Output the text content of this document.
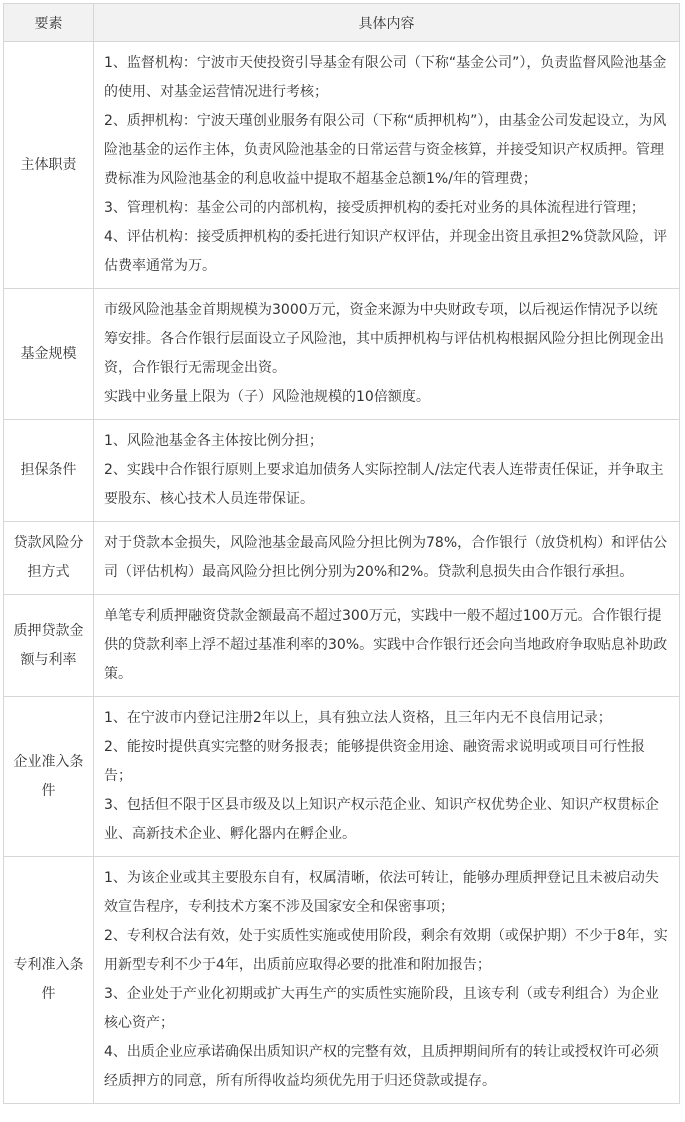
要素	具体内容
主体职责	1、监督机构：宁波市天使投资引导基金有限公司（下称“基金公司”），负责监督风险池基金的使用、对基金运营情况进行考核；
2、质押机构：宁波天瑾创业服务有限公司（下称“质押机构”），由基金公司发起设立，为风险池基金的运作主体，负责风险池基金的日常运营与资金核算，并接受知识产权质押。管理费标准为风险池基金的利息收益中提取不超基金总额1%/年的管理费；
3、管理机构：基金公司的内部机构，接受质押机构的委托对业务的具体流程进行管理；
4、评估机构：接受质押机构的委托进行知识产权评估，并现金出资且承担2%贷款风险，评估费率通常为万。

基金规模	市级风险池基金首期规模为3000万元，资金来源为中央财政专项，以后视运作情况予以统筹安排。各合作银行层面设立子风险池，其中质押机构与评估机构根据风险分担比例现金出资，合作银行无需现金出资。
实践中业务量上限为（子）风险池规模的10倍额度。

担保条件	1、风险池基金各主体按比例分担；
2、实践中合作银行原则上要求追加债务人实际控制人/法定代表人连带责任保证，并争取主要股东、核心技术人员连带保证。

贷款风险分担方式	对于贷款本金损失，风险池基金最高风险分担比例为78%，合作银行（放贷机构）和评估公司（评估机构）最高风险分担比例分别为20%和2%。贷款利息损失由合作银行承担。

质押贷款金额与利率	单笔专利质押融资贷款金额最高不超过300万元，实践中一般不超过100万元。合作银行提供的贷款利率上浮不超过基准利率的30%。实践中合作银行还会向当地政府争取贴息补助政策。

企业准入条件	1、在宁波市内登记注册2年以上，具有独立法人资格，且三年内无不良信用记录；
2、能按时提供真实完整的财务报表；能够提供资金用途、融资需求说明或项目可行性报告；
3、包括但不限于区县市级及以上知识产权示范企业、知识产权优势企业、知识产权贯标企业、高新技术企业、孵化器内在孵企业。

专利准入条件	1、为该企业或其主要股东自有，权属清晰，依法可转让，能够办理质押登记且未被启动失效宣告程序，专利技术方案不涉及国家安全和保密事项；
2、专利权合法有效，处于实质性实施或使用阶段，剩余有效期（或保护期）不少于8年，实用新型专利不少于4年，出质前应取得必要的批准和附加报告；
3、企业处于产业化初期或扩大再生产的实质性实施阶段，且该专利（或专利组合）为企业核心资产；
4、出质企业应承诺确保出质知识产权的完整有效，且质押期间所有的转让或授权许可必须经质押方的同意，所有所得收益均须优先用于归还贷款或提存。
